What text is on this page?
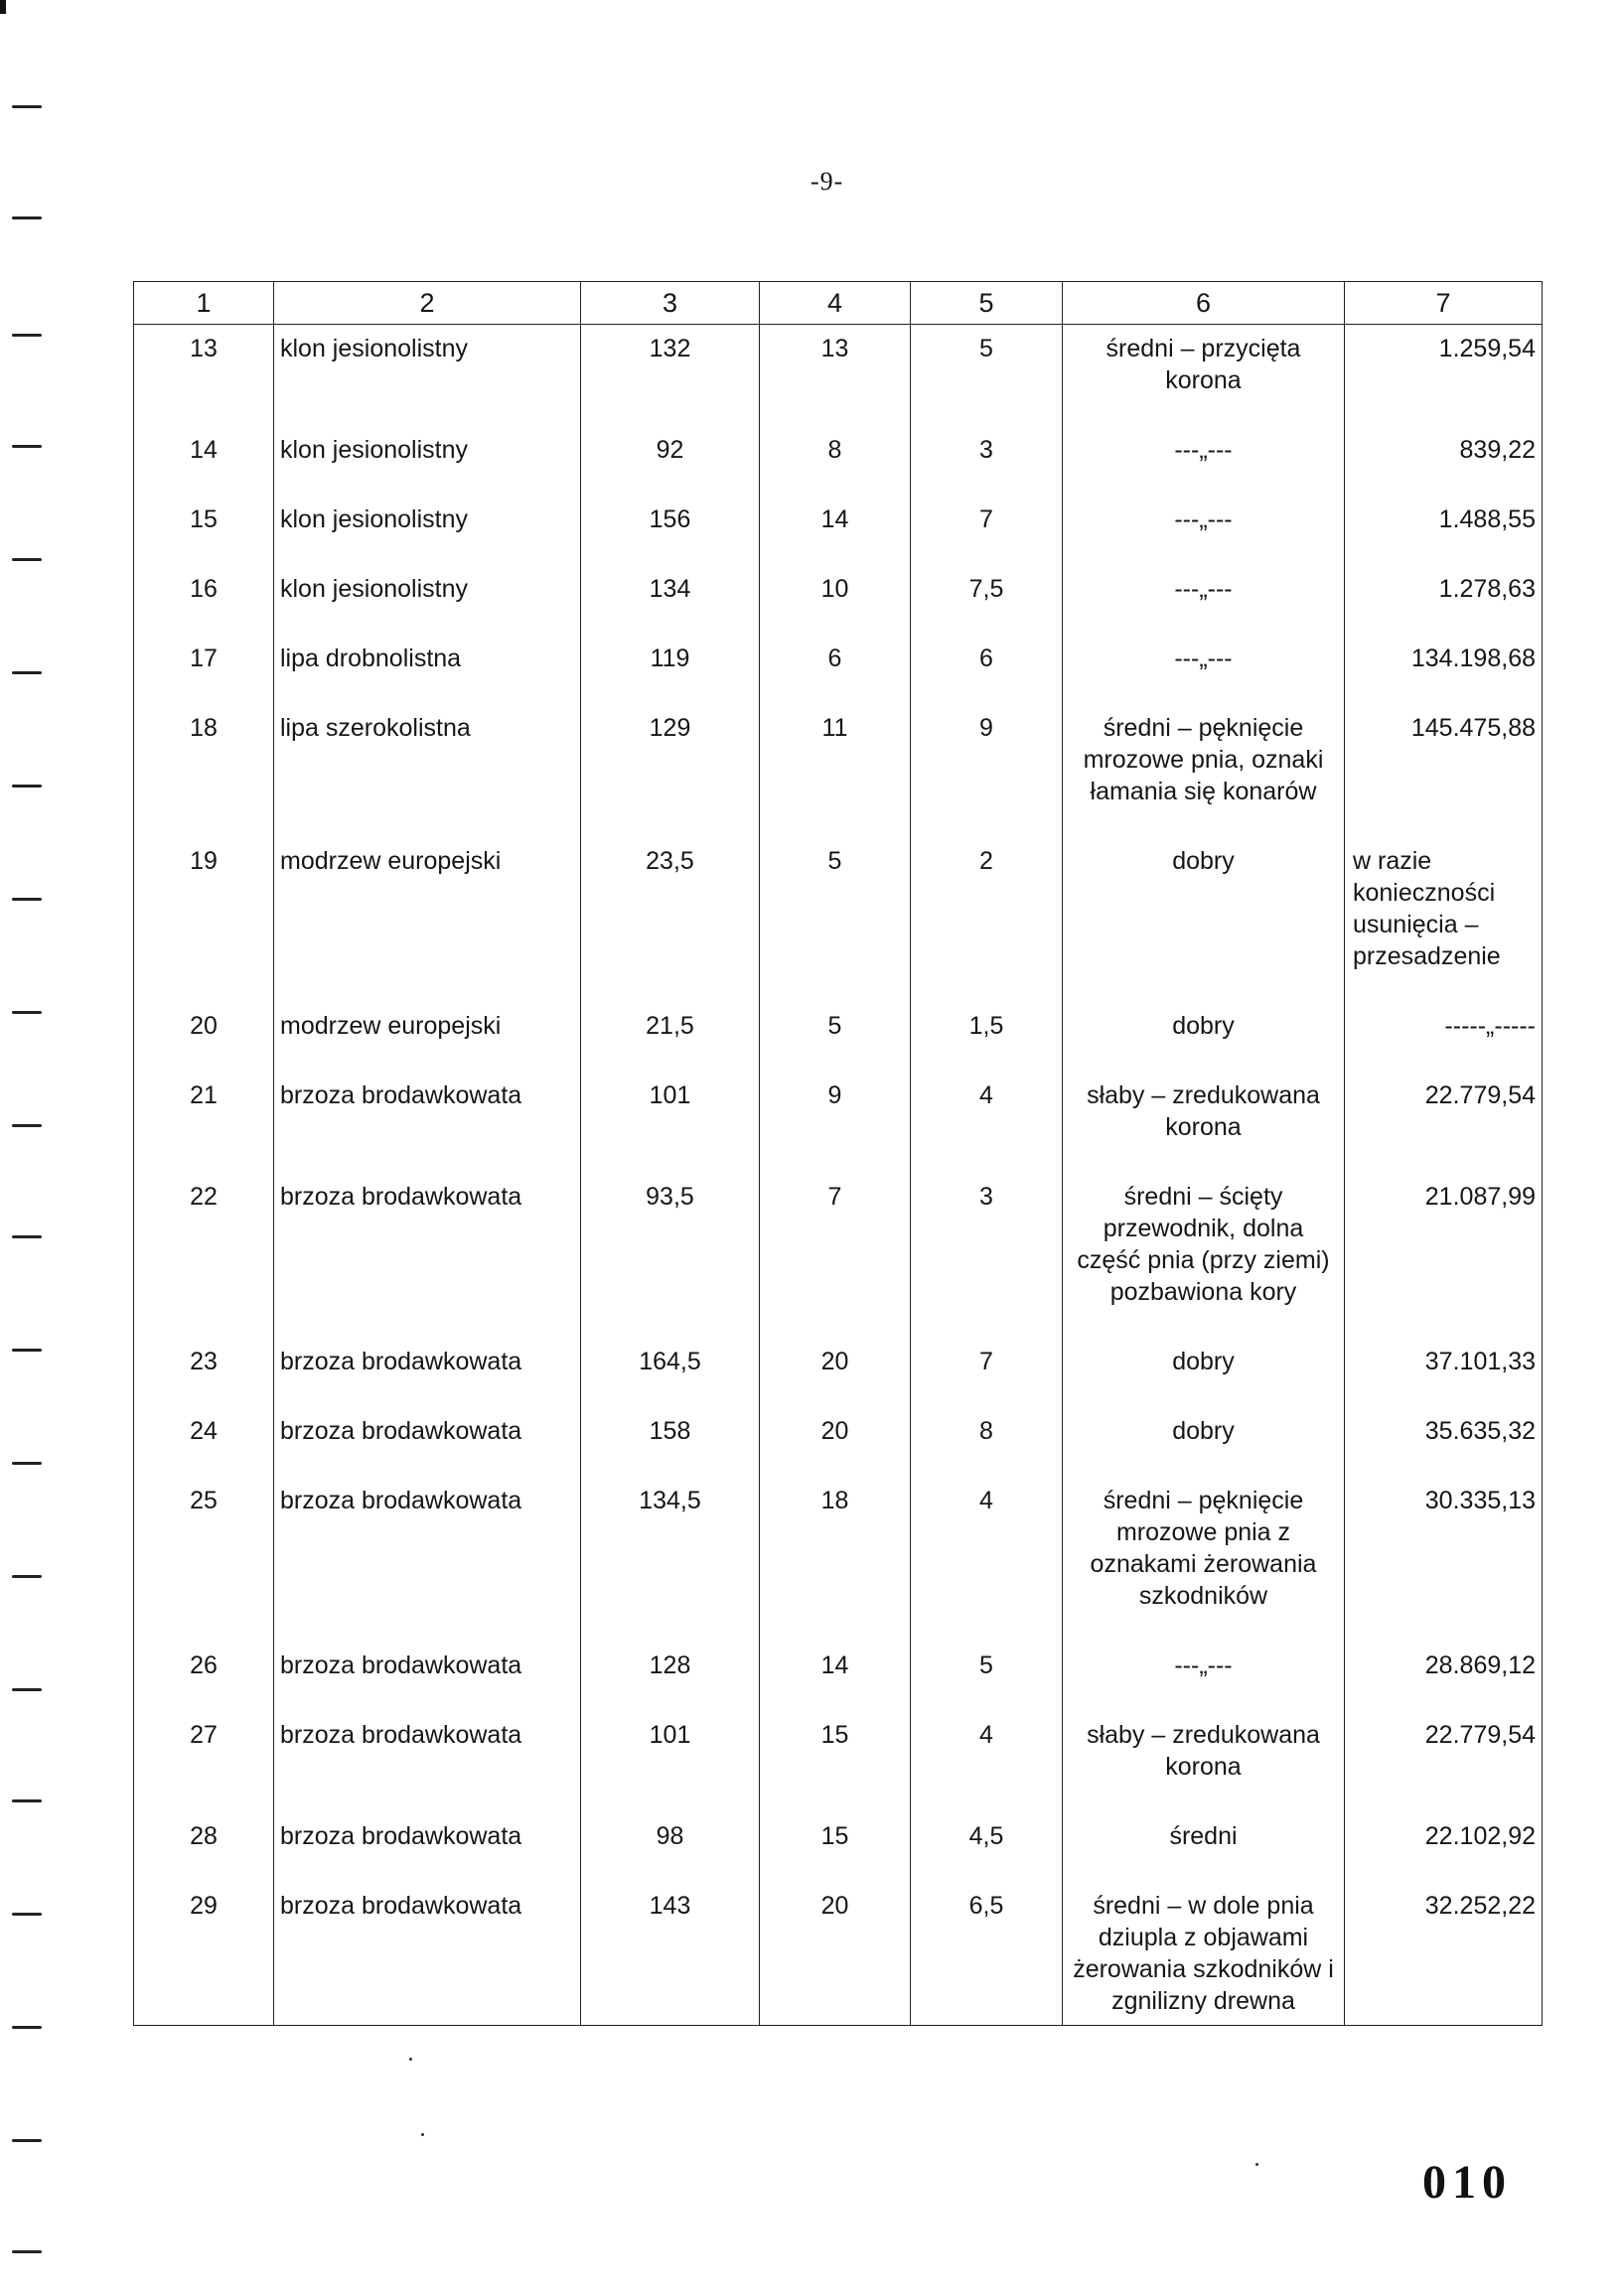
-9-
1	2	3	4	5	6	7
13	klon jesionolistny	132	13	5	średni – przycięta korona	1.259,54
14	klon jesionolistny	92	8	3	---„---	839,22
15	klon jesionolistny	156	14	7	---„---	1.488,55
16	klon jesionolistny	134	10	7,5	---„---	1.278,63
17	lipa drobnolistna	119	6	6	---„---	134.198,68
18	lipa szerokolistna	129	11	9	średni – pęknięcie mrozowe pnia, oznaki łamania się konarów	145.475,88
19	modrzew europejski	23,5	5	2	dobry	w razie konieczności usunięcia – przesadzenie
20	modrzew europejski	21,5	5	1,5	dobry	-----„-----
21	brzoza brodawkowata	101	9	4	słaby – zredukowana korona	22.779,54
22	brzoza brodawkowata	93,5	7	3	średni – ścięty przewodnik, dolna część pnia (przy ziemi) pozbawiona kory	21.087,99
23	brzoza brodawkowata	164,5	20	7	dobry	37.101,33
24	brzoza brodawkowata	158	20	8	dobry	35.635,32
25	brzoza brodawkowata	134,5	18	4	średni – pęknięcie mrozowe pnia z oznakami żerowania szkodników	30.335,13
26	brzoza brodawkowata	128	14	5	---„---	28.869,12
27	brzoza brodawkowata	101	15	4	słaby – zredukowana korona	22.779,54
28	brzoza brodawkowata	98	15	4,5	średni	22.102,92
29	brzoza brodawkowata	143	20	6,5	średni – w dole pnia dziupla z objawami żerowania szkodników i zgnilizny drewna	32.252,22
010
